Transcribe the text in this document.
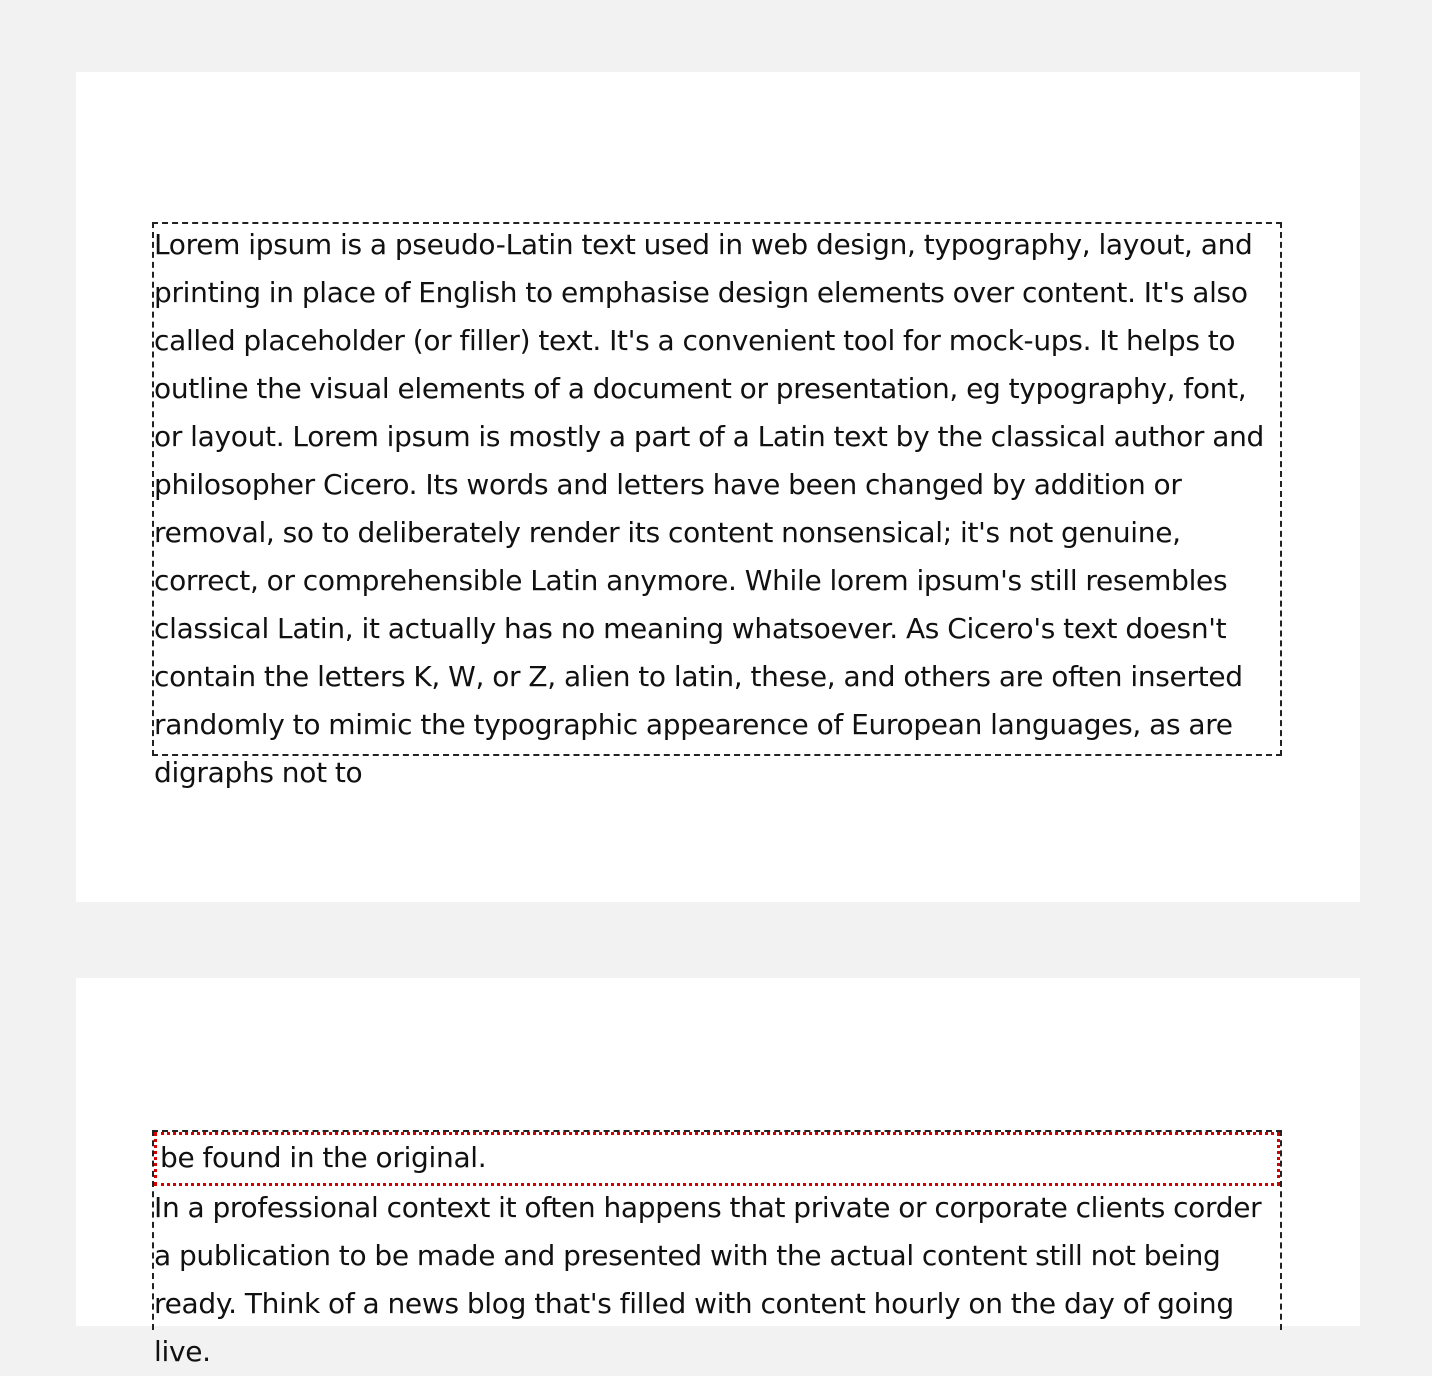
Lorem ipsum is a pseudo-Latin text used in web design, typography, layout, and printing in place of English to emphasise design elements over content. It's also called placeholder (or filler) text. It's a convenient tool for mock-ups. It helps to outline the visual elements of a document or presentation, eg typography, font, or layout. Lorem ipsum is mostly a part of a Latin text by the classical author and philosopher Cicero. Its words and letters have been changed by addition or removal, so to deliberately render its content nonsensical; it's not genuine, correct, or comprehensible Latin anymore. While lorem ipsum's still resembles classical Latin, it actually has no meaning whatsoever. As Cicero's text doesn't contain the letters K, W, or Z, alien to latin, these, and others are often inserted randomly to mimic the typographic appearence of European languages, as are digraphs not to

be found in the original.

In a professional context it often happens that private or corporate clients corder a publication to be made and presented with the actual content still not being ready. Think of a news blog that's filled with content hourly on the day of going live.
